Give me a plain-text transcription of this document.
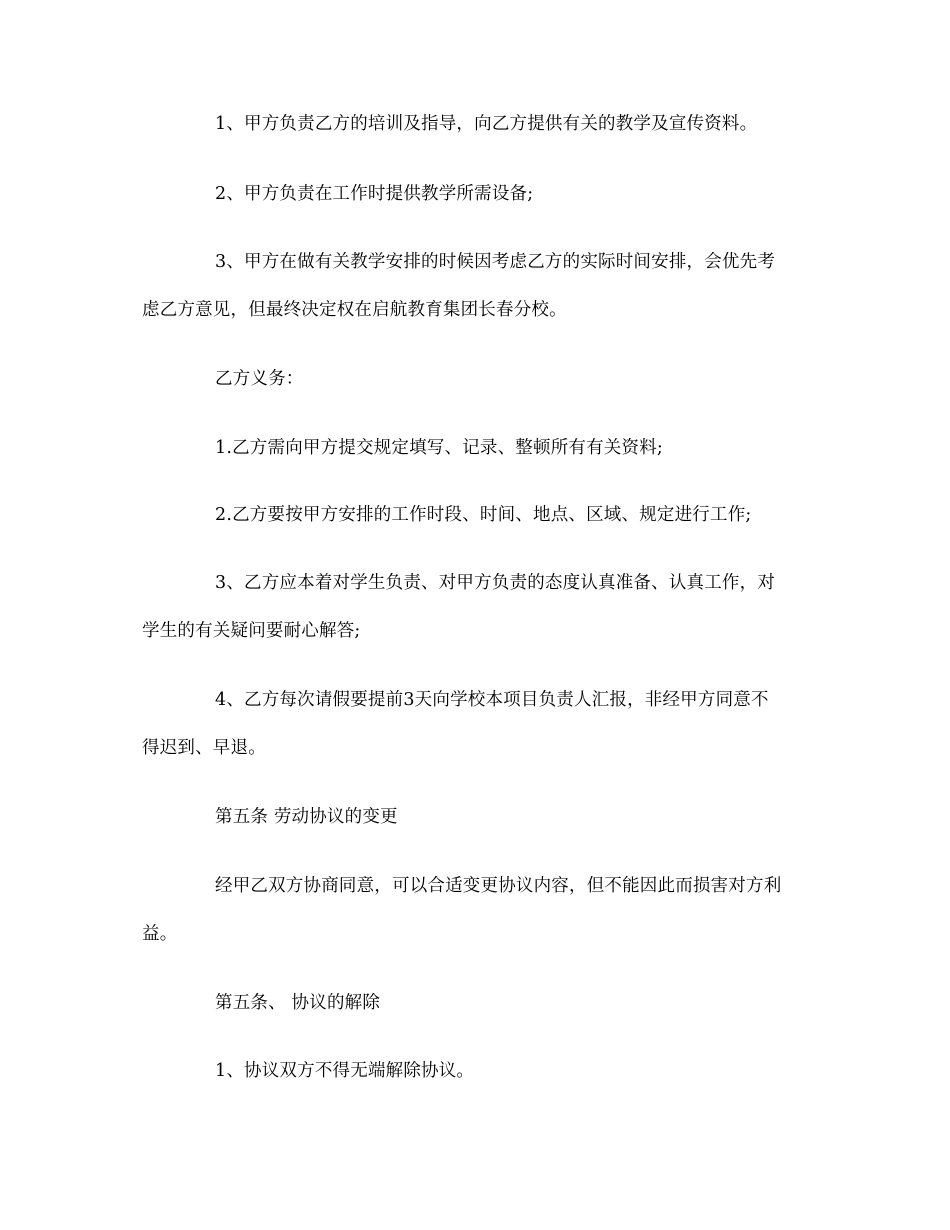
1、甲方负责乙方的培训及指导，向乙方提供有关的教学及宣传资料。

2、甲方负责在工作时提供教学所需设备;

3、甲方在做有关教学安排的时候因考虑乙方的实际时间安排，会优先考
虑乙方意见，但最终决定权在启航教育集团长春分校。

乙方义务：

1.乙方需向甲方提交规定填写、记录、整顿所有有关资料;

2.乙方要按甲方安排的工作时段、时间、地点、区域、规定进行工作;

3、乙方应本着对学生负责、对甲方负责的态度认真准备、认真工作，对
学生的有关疑问要耐心解答;

4、乙方每次请假要提前3天向学校本项目负责人汇报，非经甲方同意不
得迟到、早退。

第五条 劳动协议的变更

经甲乙双方协商同意，可以合适变更协议内容，但不能因此而损害对方利
益。

第五条、 协议的解除

1、协议双方不得无端解除协议。
